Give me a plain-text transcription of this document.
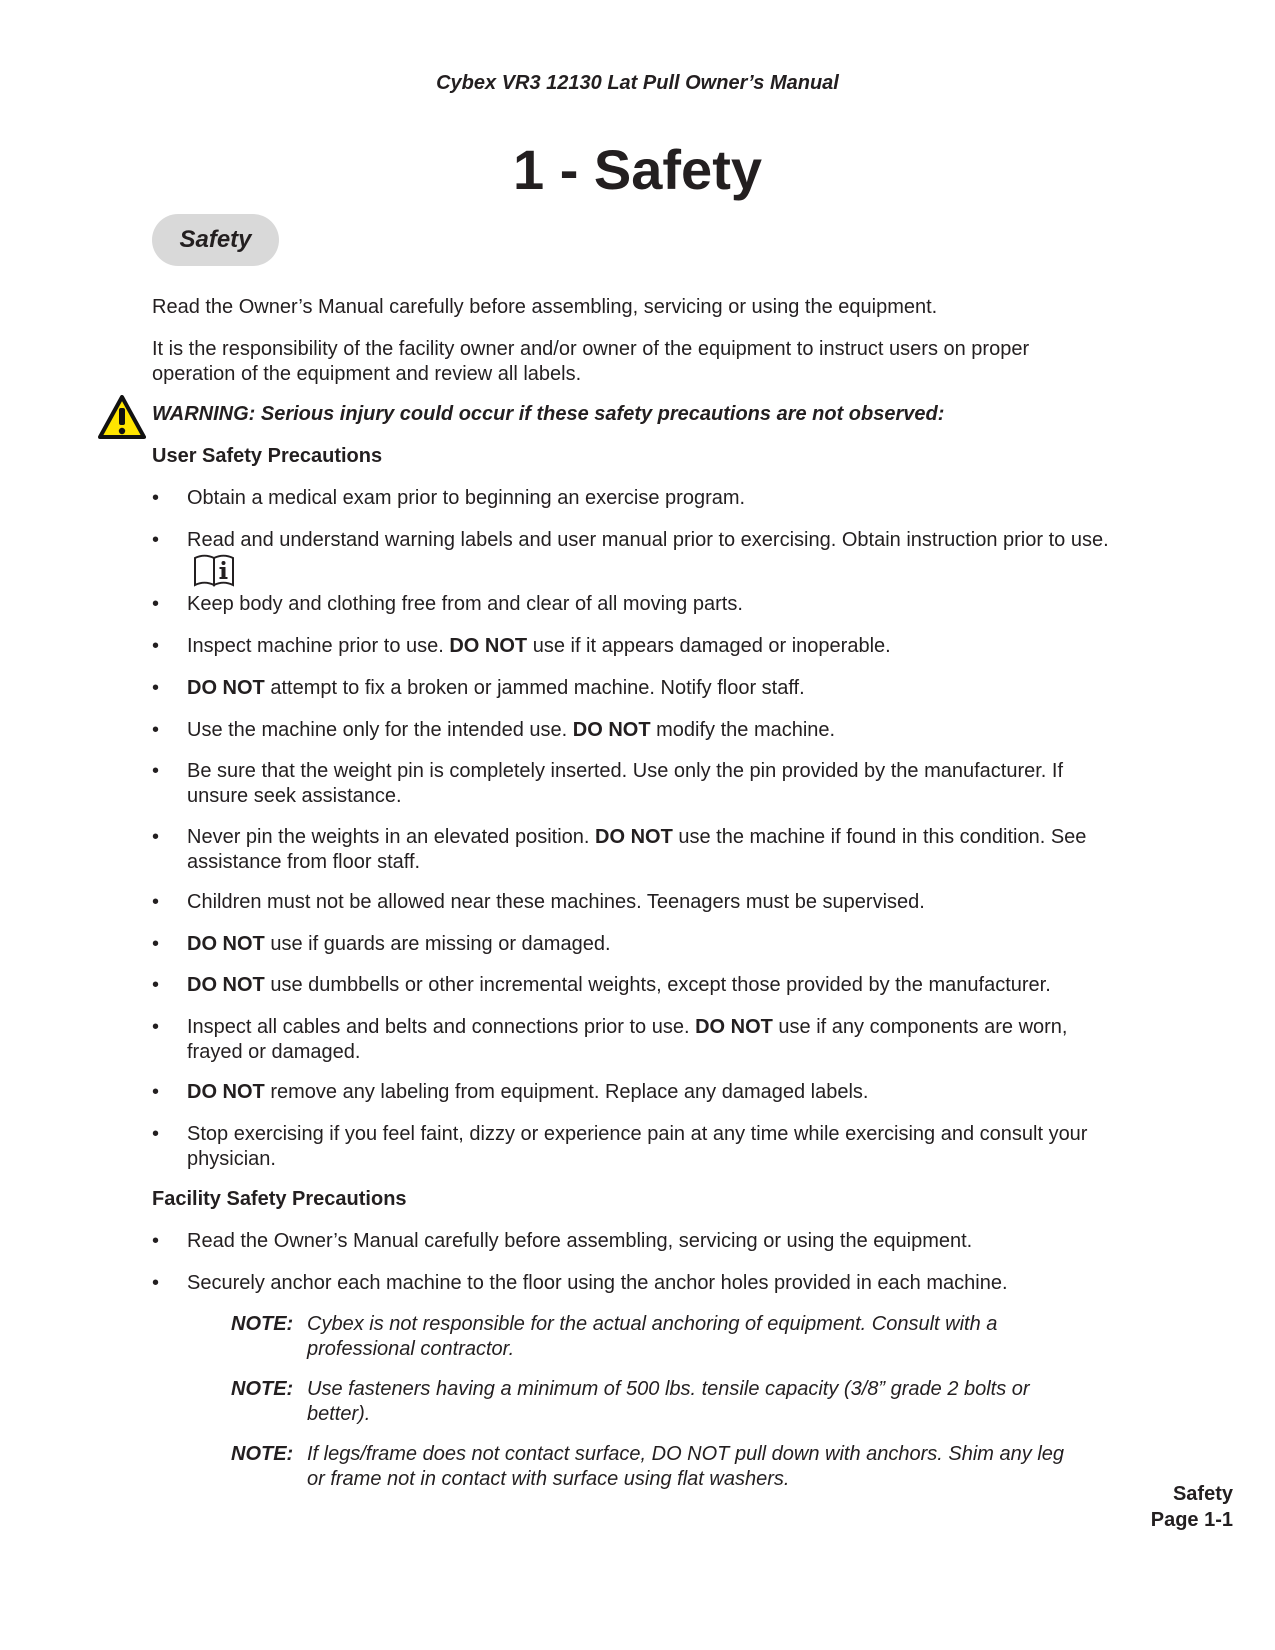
Cybex VR3 12130 Lat Pull Owner’s Manual
1 - Safety
Safety
Read the Owner’s Manual carefully before assembling, servicing or using the equipment.
It is the responsibility of the facility owner and/or owner of the equipment to instruct users on proper operation of the equipment and review all labels.
WARNING: Serious injury could occur if these safety precautions are not observed:
User Safety Precautions
• Obtain a medical exam prior to beginning an exercise program.
• Read and understand warning labels and user manual prior to exercising. Obtain instruction prior to use.
• Keep body and clothing free from and clear of all moving parts.
• Inspect machine prior to use. DO NOT use if it appears damaged or inoperable.
• DO NOT attempt to fix a broken or jammed machine. Notify floor staff.
• Use the machine only for the intended use. DO NOT modify the machine.
• Be sure that the weight pin is completely inserted. Use only the pin provided by the manufacturer. If unsure seek assistance.
• Never pin the weights in an elevated position. DO NOT use the machine if found in this condition. See assistance from floor staff.
• Children must not be allowed near these machines. Teenagers must be supervised.
• DO NOT use if guards are missing or damaged.
• DO NOT use dumbbells or other incremental weights, except those provided by the manufacturer.
• Inspect all cables and belts and connections prior to use. DO NOT use if any components are worn, frayed or damaged.
• DO NOT remove any labeling from equipment. Replace any damaged labels.
• Stop exercising if you feel faint, dizzy or experience pain at any time while exercising and consult your physician.
Facility Safety Precautions
• Read the Owner’s Manual carefully before assembling, servicing or using the equipment.
• Securely anchor each machine to the floor using the anchor holes provided in each machine.
NOTE: Cybex is not responsible for the actual anchoring of equipment. Consult with a professional contractor.
NOTE: Use fasteners having a minimum of 500 lbs. tensile capacity (3/8” grade 2 bolts or better).
NOTE: If legs/frame does not contact surface, DO NOT pull down with anchors. Shim any leg or frame not in contact with surface using flat washers.
Safety
Page 1-1
